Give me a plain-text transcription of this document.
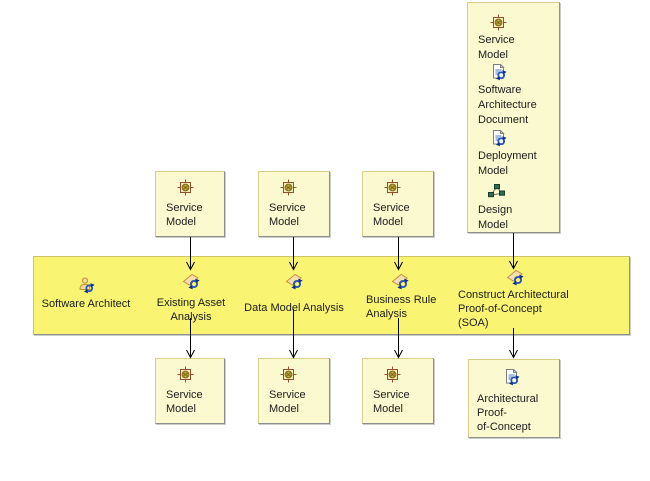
Service
Model
Software
Architecture
Document
Deployment
Model
Design
Model
Service
Model
Service
Model
Service
Model
Software Architect	Existing Asset
Analysis
Data Model Analysis
Business Rule
Analysis
Construct Architectural
Proof-of-Concept
(SOA)
Service
Model
Service
Model
Service
Model
Architectural
Proof-
of-Concept
